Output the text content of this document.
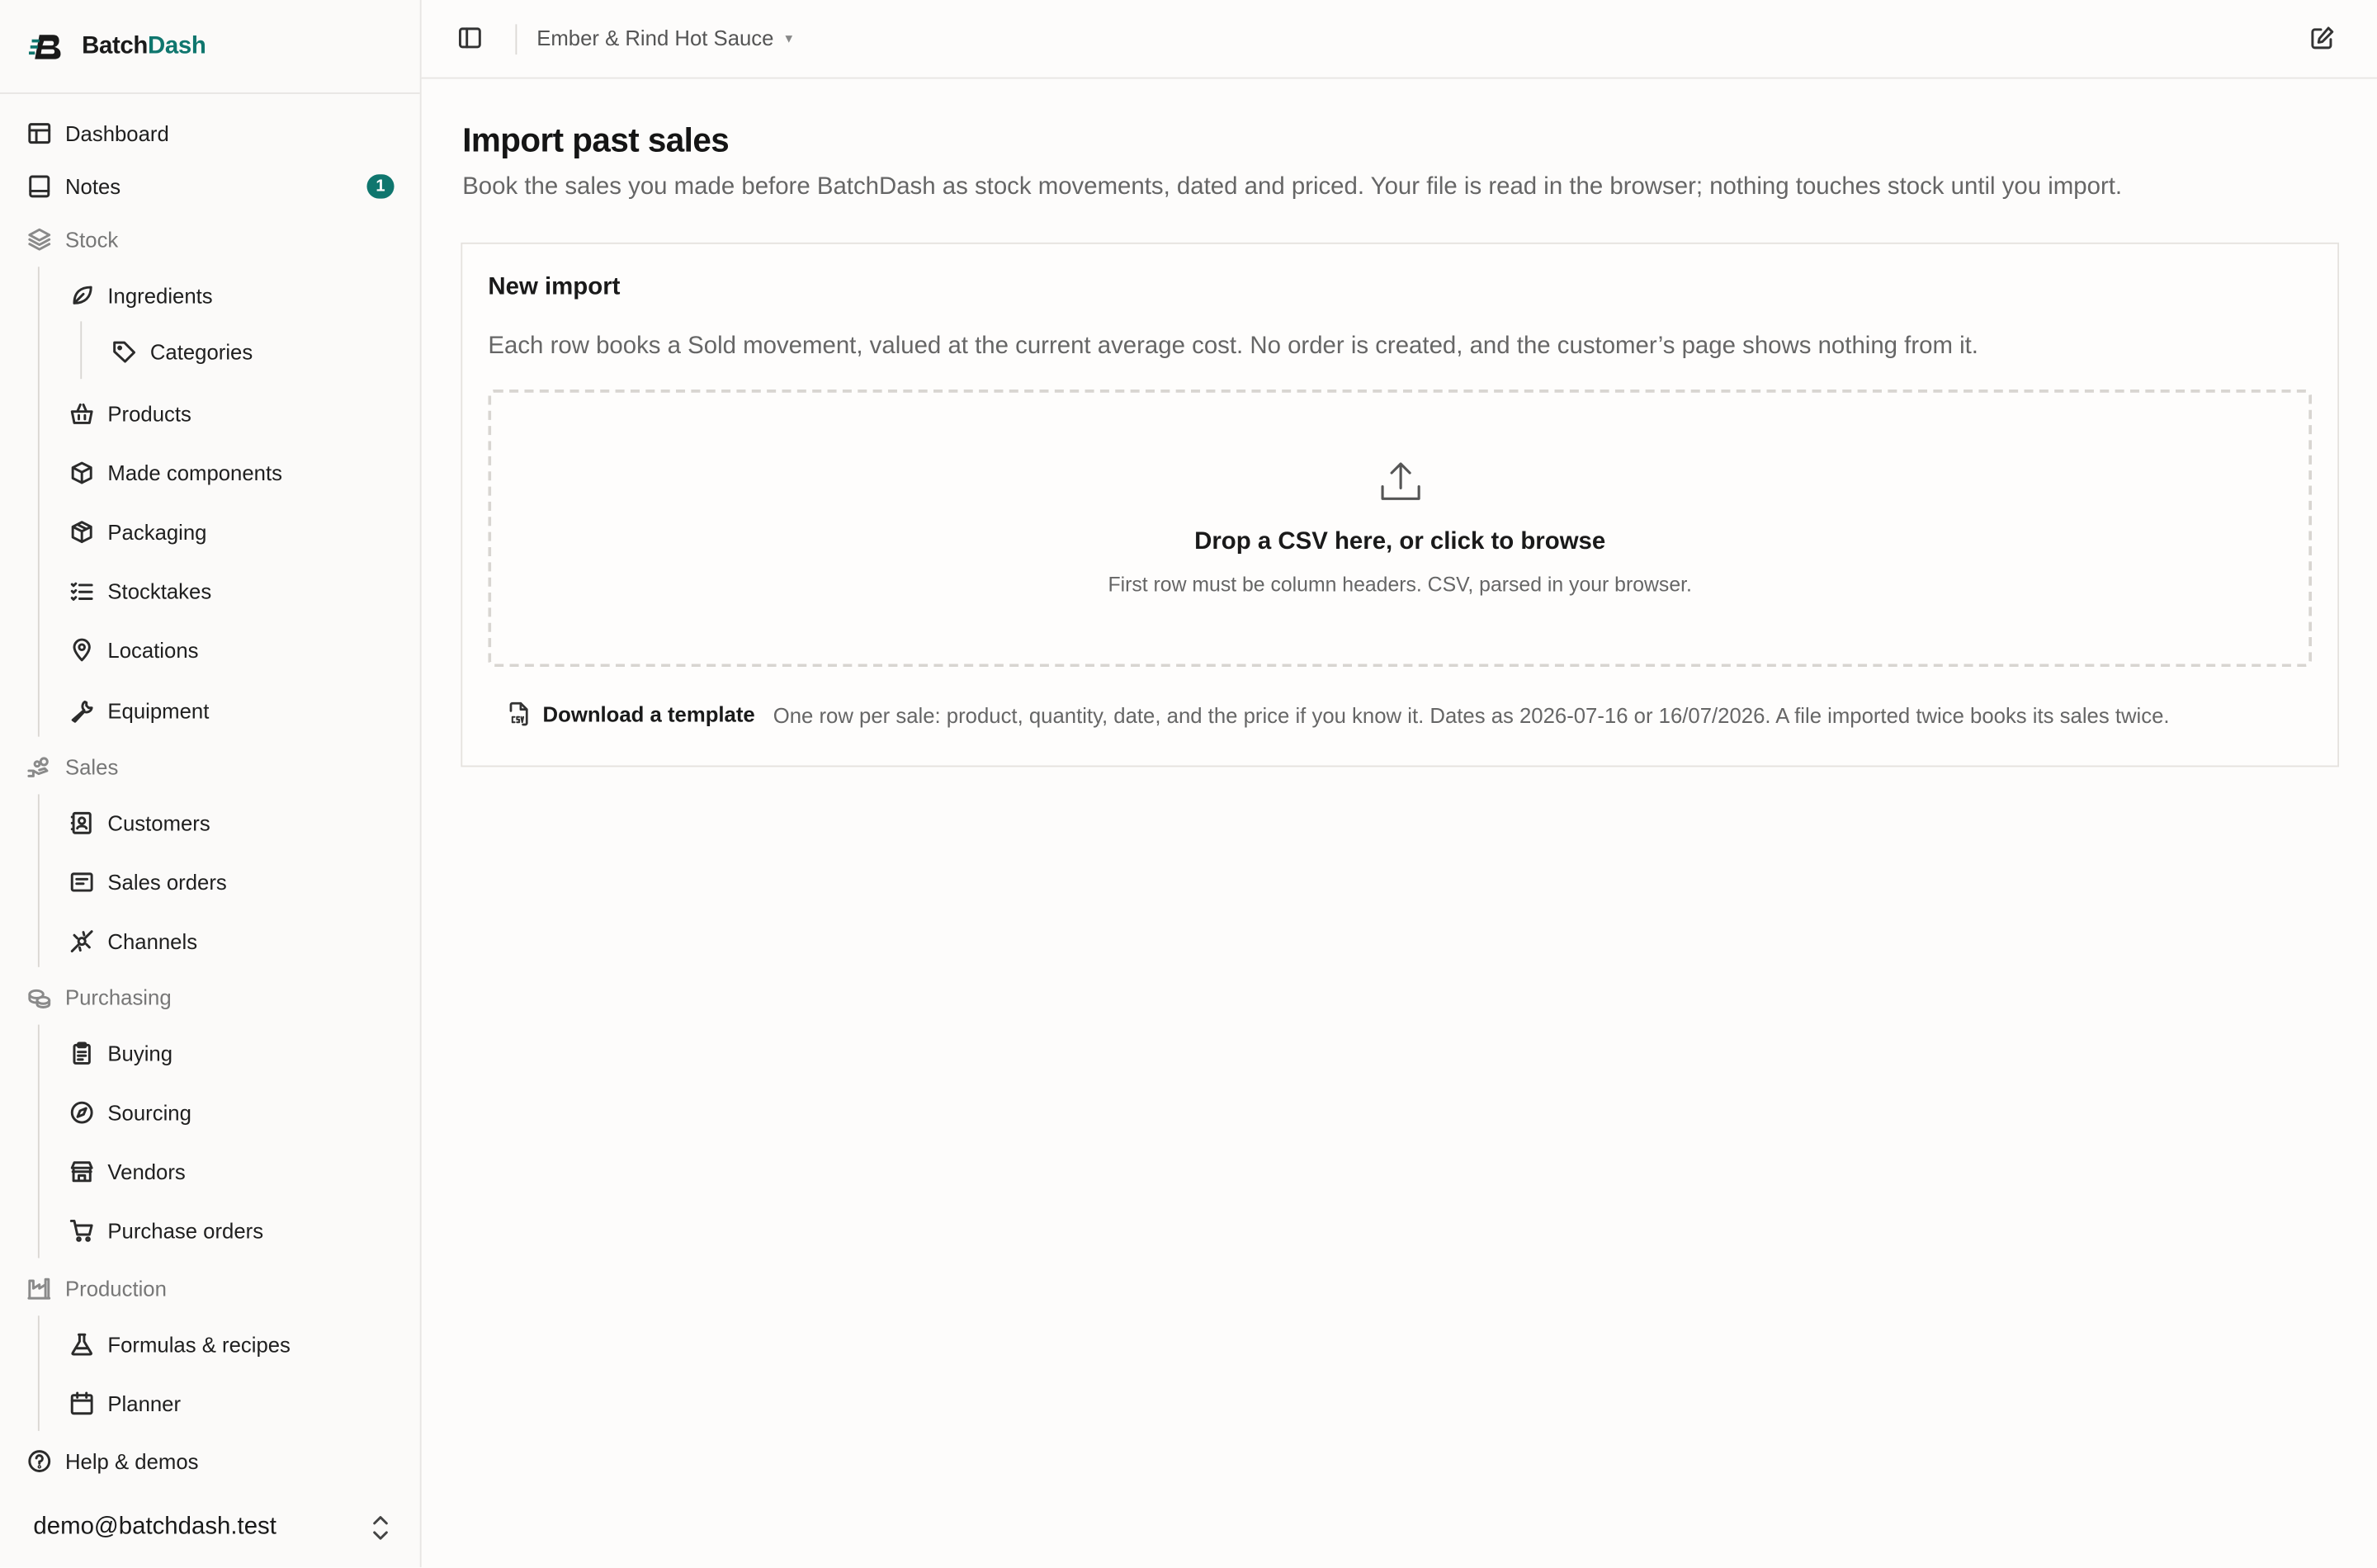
BatchDash
Dashboard
Notes	1
Stock
Ingredients
Categories
Products
Made components
Packaging
Stocktakes
Locations
Equipment
Sales
Customers
Sales orders
Channels
Purchasing
Buying
Sourcing
Vendors
Purchase orders
Production
Formulas & recipes
Planner
Help & demos
demo@batchdash.test
Ember & Rind Hot Sauce ▼
Import past sales

Book the sales you made before BatchDash as stock movements, dated and priced. Your file is read in the browser; nothing touches stock until you import.

New import

Each row books a Sold movement, valued at the current average cost. No order is created, and the customer’s page shows nothing from it.

Drop a CSV here, or click to browse
First row must be column headers. CSV, parsed in your browser.
Download a template One row per sale: product, quantity, date, and the price if you know it. Dates as 2026-07-16 or 16/07/2026. A file imported twice books its sales twice.
